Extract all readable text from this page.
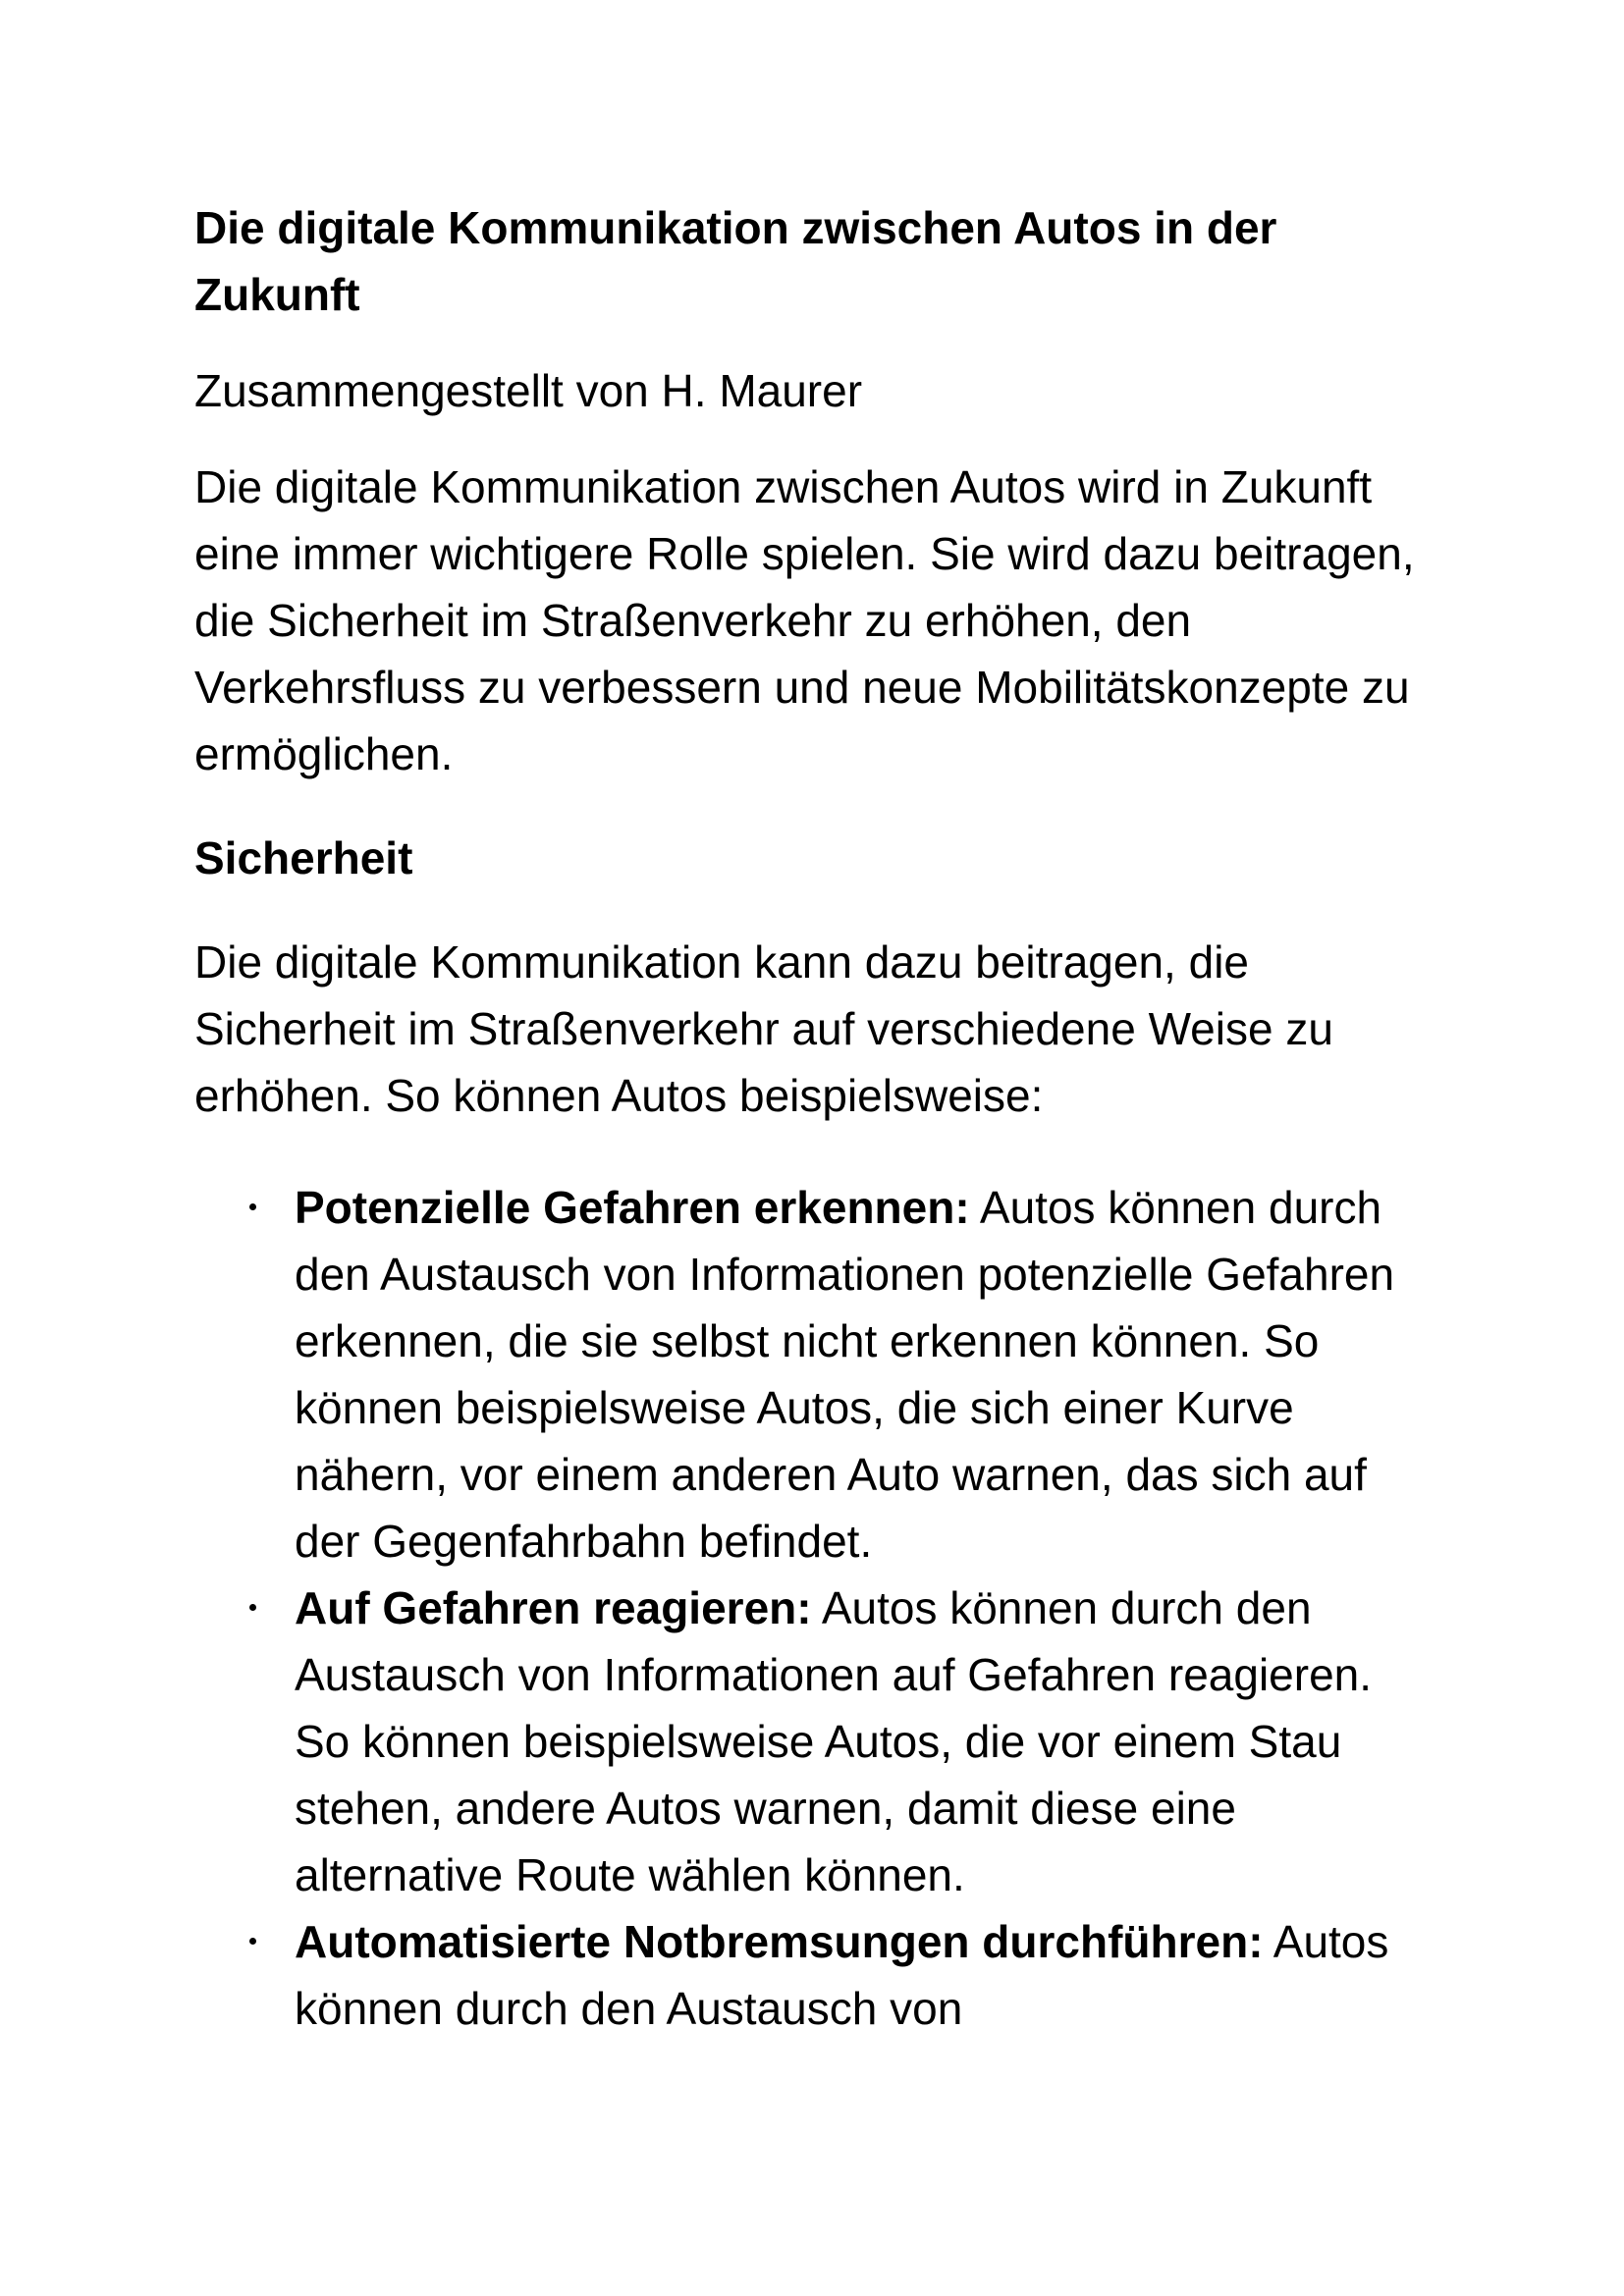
Die digitale Kommunikation zwischen Autos in der Zukunft

Zusammengestellt von H. Maurer

Die digitale Kommunikation zwischen Autos wird in Zukunft eine immer wichtigere Rolle spielen. Sie wird dazu beitragen, die Sicherheit im Straßenverkehr zu erhöhen, den Verkehrsfluss zu verbessern und neue Mobilitätskonzepte zu ermöglichen.

Sicherheit

Die digitale Kommunikation kann dazu beitragen, die Sicherheit im Straßenverkehr auf verschiedene Weise zu erhöhen. So können Autos beispielsweise:

Potenzielle Gefahren erkennen: Autos können durch den Austausch von Informationen potenzielle Gefahren erkennen, die sie selbst nicht erkennen können. So können beispielsweise Autos, die sich einer Kurve nähern, vor einem anderen Auto warnen, das sich auf der Gegenfahrbahn befindet.
Auf Gefahren reagieren: Autos können durch den Austausch von Informationen auf Gefahren reagieren. So können beispielsweise Autos, die vor einem Stau stehen, andere Autos warnen, damit diese eine alternative Route wählen können.
Automatisierte Notbremsungen durchführen: Autos können durch den Austausch von
